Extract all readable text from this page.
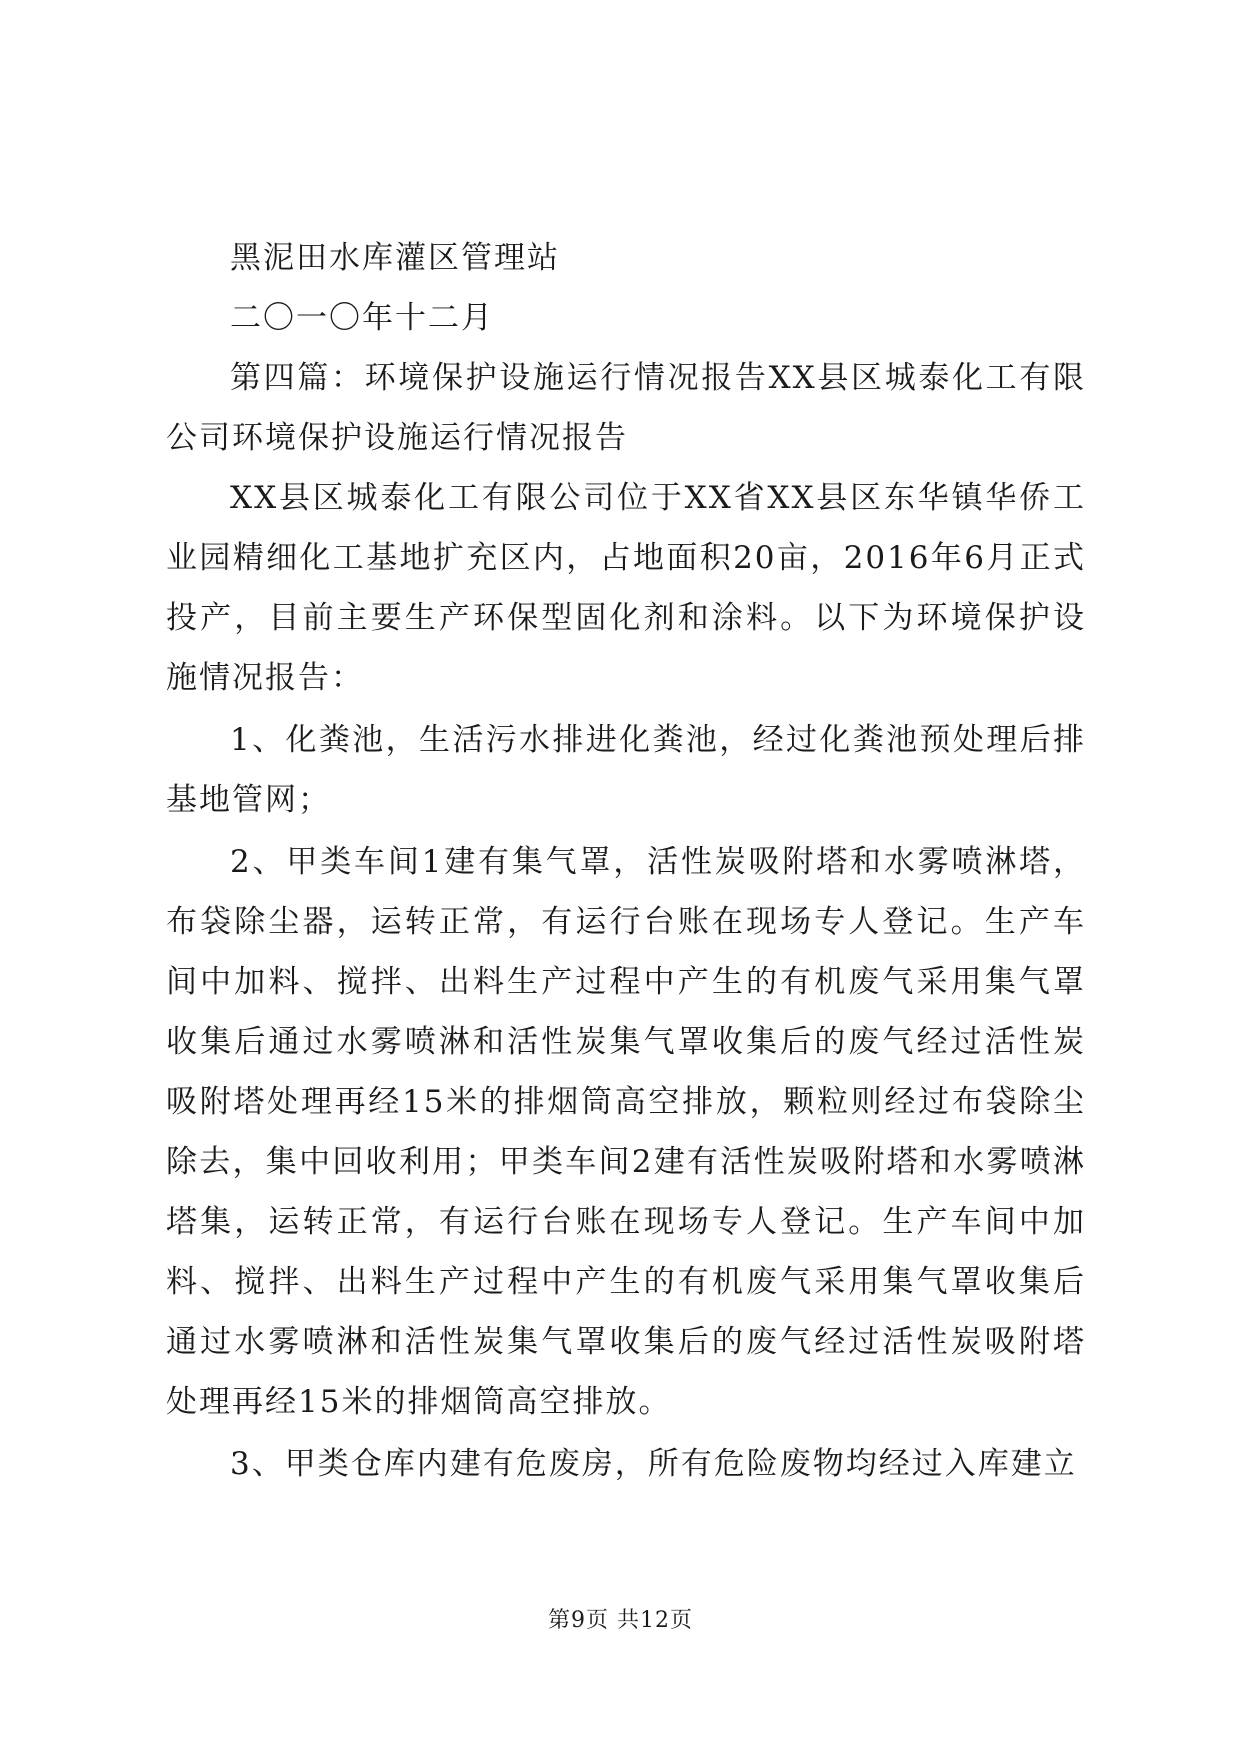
黑泥田水库灌区管理站

二〇一〇年十二月

第四篇：环境保护设施运行情况报告XX县区城泰化工有限公司环境保护设施运行情况报告

XX县区城泰化工有限公司位于XX省XX县区东华镇华侨工业园精细化工基地扩充区内，占地面积20亩，2016年6月正式投产，目前主要生产环保型固化剂和涂料。以下为环境保护设施情况报告：

1、化粪池，生活污水排进化粪池，经过化粪池预处理后排基地管网；

2、甲类车间1建有集气罩，活性炭吸附塔和水雾喷淋塔，布袋除尘器，运转正常，有运行台账在现场专人登记。生产车间中加料、搅拌、出料生产过程中产生的有机废气采用集气罩收集后通过水雾喷淋和活性炭集气罩收集后的废气经过活性炭吸附塔处理再经15米的排烟筒高空排放，颗粒则经过布袋除尘除去，集中回收利用；甲类车间2建有活性炭吸附塔和水雾喷淋塔集，运转正常，有运行台账在现场专人登记。生产车间中加料、搅拌、出料生产过程中产生的有机废气采用集气罩收集后通过水雾喷淋和活性炭集气罩收集后的废气经过活性炭吸附塔处理再经15米的排烟筒高空排放。

3、甲类仓库内建有危废房，所有危险废物均经过入库建立

第9页 共12页
